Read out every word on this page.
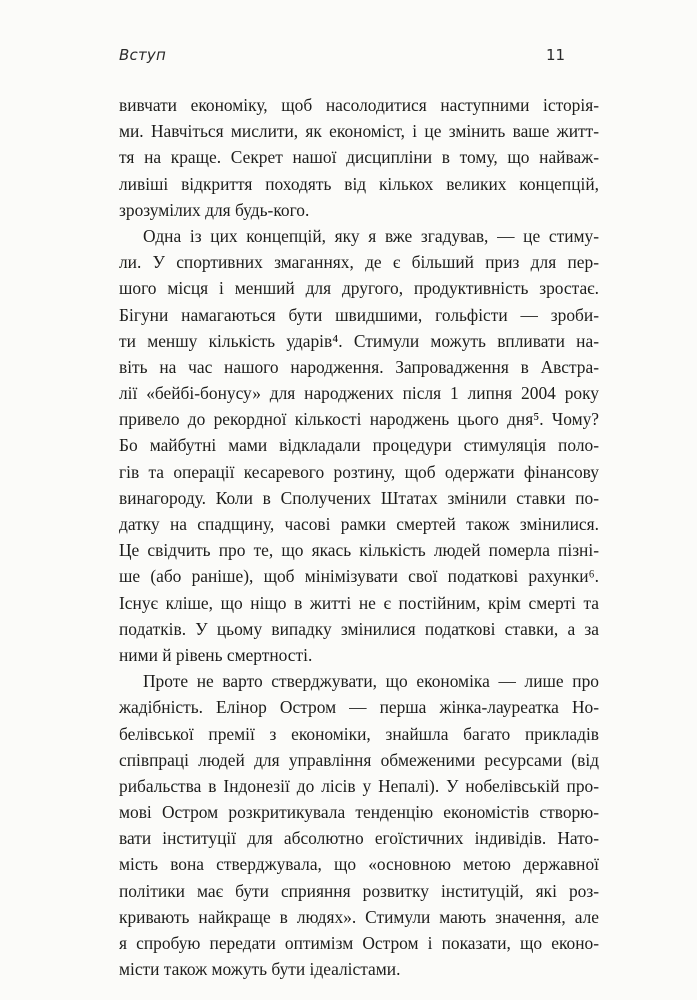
Вступ	11
вивчати економіку, щоб насолодитися наступними історія-
ми. Навчіться мислити, як економіст, і це змінить ваше житт-
тя на краще. Секрет нашої дисципліни в тому, що найваж-
ливіші відкриття походять від кількох великих концепцій,
зрозумілих для будь-кого.
Одна із цих концепцій, яку я вже згадував, — це стиму-
ли. У спортивних змаганнях, де є більший приз для пер-
шого місця і менший для другого, продуктивність зростає.
Бігуни намагаються бути швидшими, гольфісти — зроби-
ти меншу кількість ударів⁴. Стимули можуть впливати на-
віть на час нашого народження. Запровадження в Австра-
лії «бейбі-бонусу» для народжених після 1 липня 2004 року
привело до рекордної кількості народжень цього дня⁵. Чому?
Бо майбутні мами відкладали процедури стимуляція поло-
гів та операції кесаревого розтину, щоб одержати фінансову
винагороду. Коли в Сполучених Штатах змінили ставки по-
датку на спадщину, часові рамки смертей також змінилися.
Це свідчить про те, що якась кількість людей померла пізні-
ше (або раніше), щоб мінімізувати свої податкові рахунки⁶.
Існує кліше, що ніщо в житті не є постійним, крім смерті та
податків. У цьому випадку змінилися податкові ставки, а за
ними й рівень смертності.
Проте не варто стверджувати, що економіка — лише про
жадібність. Елінор Остром — перша жінка-лауреатка Но-
белівської премії з економіки, знайшла багато прикладів
співпраці людей для управління обмеженими ресурсами (від
рибальства в Індонезії до лісів у Непалі). У нобелівській про-
мові Остром розкритикувала тенденцію економістів створю-
вати інституції для абсолютно егоїстичних індивідів. Нато-
мість вона стверджувала, що «основною метою державної
політики має бути сприяння розвитку інституцій, які роз-
кривають найкраще в людях». Стимули мають значення, але
я спробую передати оптимізм Остром і показати, що еконо-
місти також можуть бути ідеалістами.
